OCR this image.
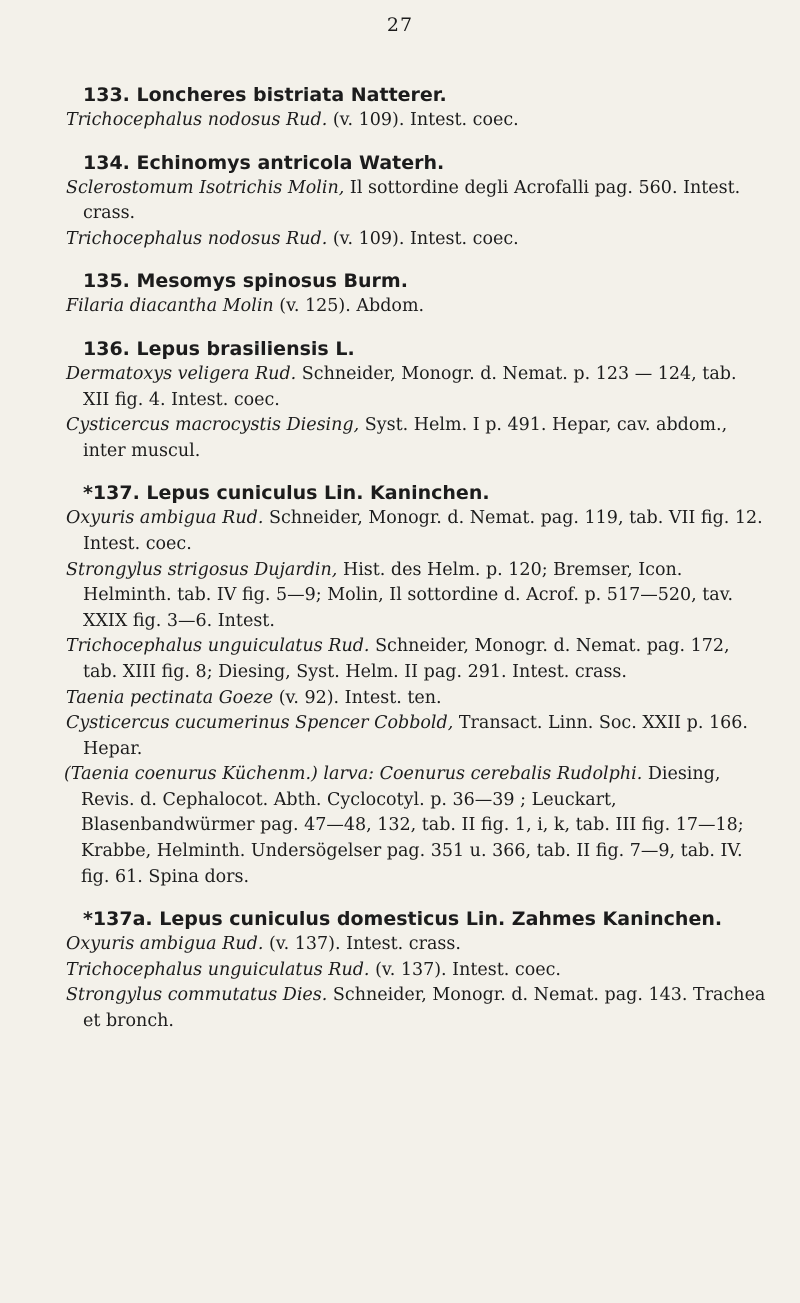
27
133. Loncheres bistriata Natterer.
Trichocephalus nodosus Rud. (v. 109). Intest. coec.
134. Echinomys antricola Waterh.
Sclerostomum Isotrichis Molin, Il sottordine degli Acrofalli pag. 560. Intest. crass.
Trichocephalus nodosus Rud. (v. 109). Intest. coec.
135. Mesomys spinosus Burm.
Filaria diacantha Molin (v. 125). Abdom.
136. Lepus brasiliensis L.
Dermatoxys veligera Rud. Schneider, Monogr. d. Nemat. p. 123 — 124, tab. XII fig. 4. Intest. coec.
Cysticercus macrocystis Diesing, Syst. Helm. I p. 491. Hepar, cav. abdom., inter muscul.
*137. Lepus cuniculus Lin. Kaninchen.
Oxyuris ambigua Rud. Schneider, Monogr. d. Nemat. pag. 119, tab. VII fig. 12. Intest. coec.
Strongylus strigosus Dujardin, Hist. des Helm. p. 120; Bremser, Icon. Helminth. tab. IV fig. 5—9; Molin, Il sottordine d. Acrof. p. 517—520, tav. XXIX fig. 3—6. Intest.
Trichocephalus unguiculatus Rud. Schneider, Monogr. d. Nemat. pag. 172, tab. XIII fig. 8; Diesing, Syst. Helm. II pag. 291. Intest. crass.
Taenia pectinata Goeze (v. 92). Intest. ten.
Cysticercus cucumerinus Spencer Cobbold, Transact. Linn. Soc. XXII p. 166. Hepar.
(Taenia coenurus Küchenm.) larva: Coenurus cerebalis Rudolphi. Diesing, Revis. d. Cephalocot. Abth. Cyclocotyl. p. 36—39 ; Leuckart, Blasenbandwürmer pag. 47—48, 132, tab. II fig. 1, i, k, tab. III fig. 17—18; Krabbe, Helminth. Undersögelser pag. 351 u. 366, tab. II fig. 7—9, tab. IV. fig. 61. Spina dors.
*137a. Lepus cuniculus domesticus Lin. Zahmes Kaninchen.
Oxyuris ambigua Rud. (v. 137). Intest. crass.
Trichocephalus unguiculatus Rud. (v. 137). Intest. coec.
Strongylus commutatus Dies. Schneider, Monogr. d. Nemat. pag. 143. Trachea et bronch.
